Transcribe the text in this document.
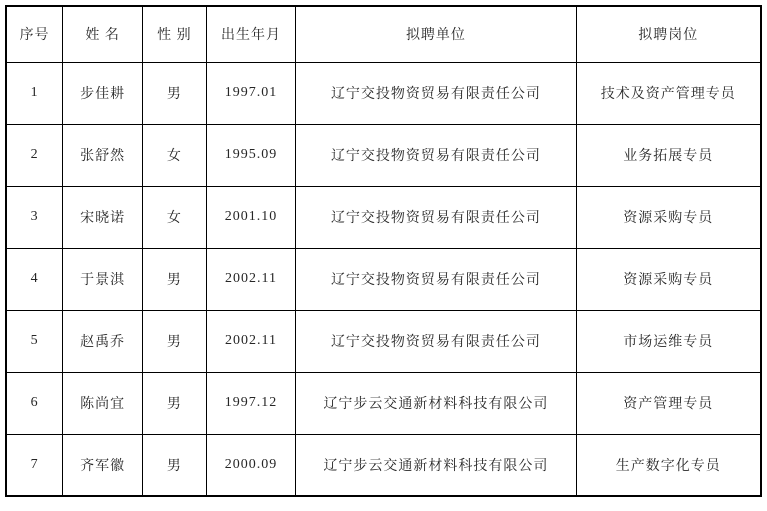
序号	姓 名	性 别	出生年月	拟聘单位	拟聘岗位
1	步佳耕	男	1997.01	辽宁交投物资贸易有限责任公司	技术及资产管理专员
2	张舒然	女	1995.09	辽宁交投物资贸易有限责任公司	业务拓展专员
3	宋晓诺	女	2001.10	辽宁交投物资贸易有限责任公司	资源采购专员
4	于景淇	男	2002.11	辽宁交投物资贸易有限责任公司	资源采购专员
5	赵禹乔	男	2002.11	辽宁交投物资贸易有限责任公司	市场运维专员
6	陈尚宜	男	1997.12	辽宁步云交通新材料科技有限公司	资产管理专员
7	齐军徽	男	2000.09	辽宁步云交通新材料科技有限公司	生产数字化专员
